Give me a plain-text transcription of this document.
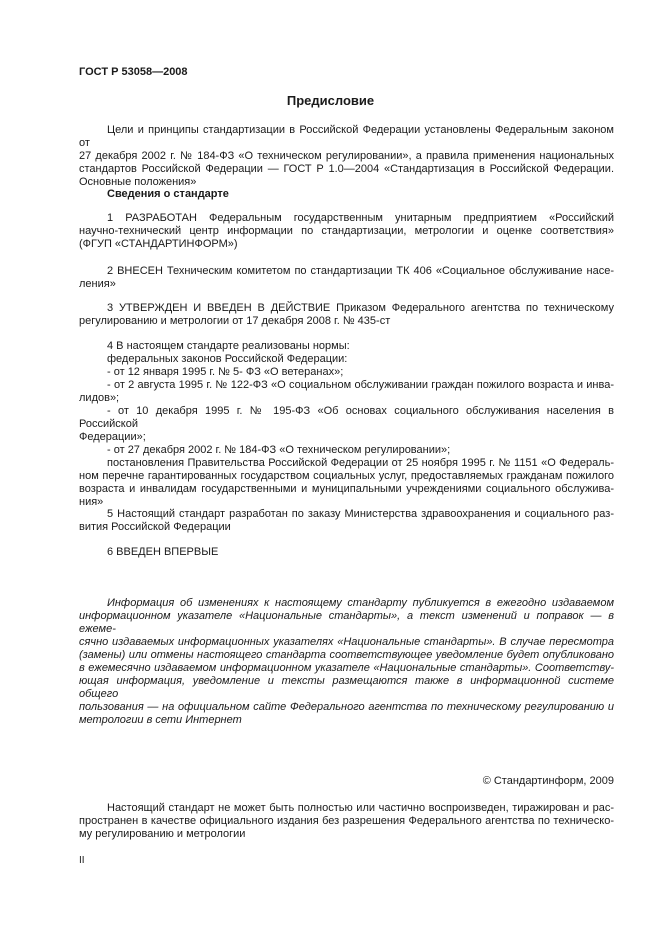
ГОСТ Р 53058—2008
Предисловие
Цели и принципы стандартизации в Российской Федерации установлены Федеральным законом от
27 декабря 2002 г. № 184-ФЗ «О техническом регулировании», а правила применения национальных
стандартов Российской Федерации — ГОСТ Р 1.0—2004 «Стандартизация в Российской Федерации.
Основные положения»
Сведения о стандарте
1 РАЗРАБОТАН Федеральным государственным унитарным предприятием «Российский
научно-технический центр информации по стандартизации, метрологии и оценке соответствия»
(ФГУП «СТАНДАРТИНФОРМ»)
2 ВНЕСЕН Техническим комитетом по стандартизации ТК 406 «Социальное обслуживание насе-
ления»
3 УТВЕРЖДЕН И ВВЕДЕН В ДЕЙСТВИЕ Приказом Федерального агентства по техническому
регулированию и метрологии от 17 декабря 2008 г. № 435-ст
4 В настоящем стандарте реализованы нормы:
федеральных законов Российской Федерации:
- от 12 января 1995 г. № 5- ФЗ «О ветеранах»;
- от 2 августа 1995 г. № 122-ФЗ «О социальном обслуживании граждан пожилого возраста и инва-
лидов»;
- от 10 декабря 1995 г. № 195-ФЗ «Об основах социального обслуживания населения в Российской
Федерации»;
- от 27 декабря 2002 г. № 184-ФЗ «О техническом регулировании»;
постановления Правительства Российской Федерации от 25 ноября 1995 г. № 1151 «О Федераль-
ном перечне гарантированных государством социальных услуг, предоставляемых гражданам пожилого
возраста и инвалидам государственными и муниципальными учреждениями социального обслужива-
ния»
5 Настоящий стандарт разработан по заказу Министерства здравоохранения и социального раз-
вития Российской Федерации
6 ВВЕДЕН ВПЕРВЫЕ
Информация об изменениях к настоящему стандарту публикуется в ежегодно издаваемом
информационном указателе «Национальные стандарты», а текст изменений и поправок — в ежеме-
сячно издаваемых информационных указателях «Национальные стандарты». В случае пересмотра
(замены) или отмены настоящего стандарта соответствующее уведомление будет опубликовано
в ежемесячно издаваемом информационном указателе «Национальные стандарты». Соответству-
ющая информация, уведомление и тексты размещаются также в информационной системе общего
пользования — на официальном сайте Федерального агентства по техническому регулированию и
метрологии в сети Интернет
© Стандартинформ, 2009
Настоящий стандарт не может быть полностью или частично воспроизведен, тиражирован и рас-
пространен в качестве официального издания без разрешения Федерального агентства по техническо-
му регулированию и метрологии
II
